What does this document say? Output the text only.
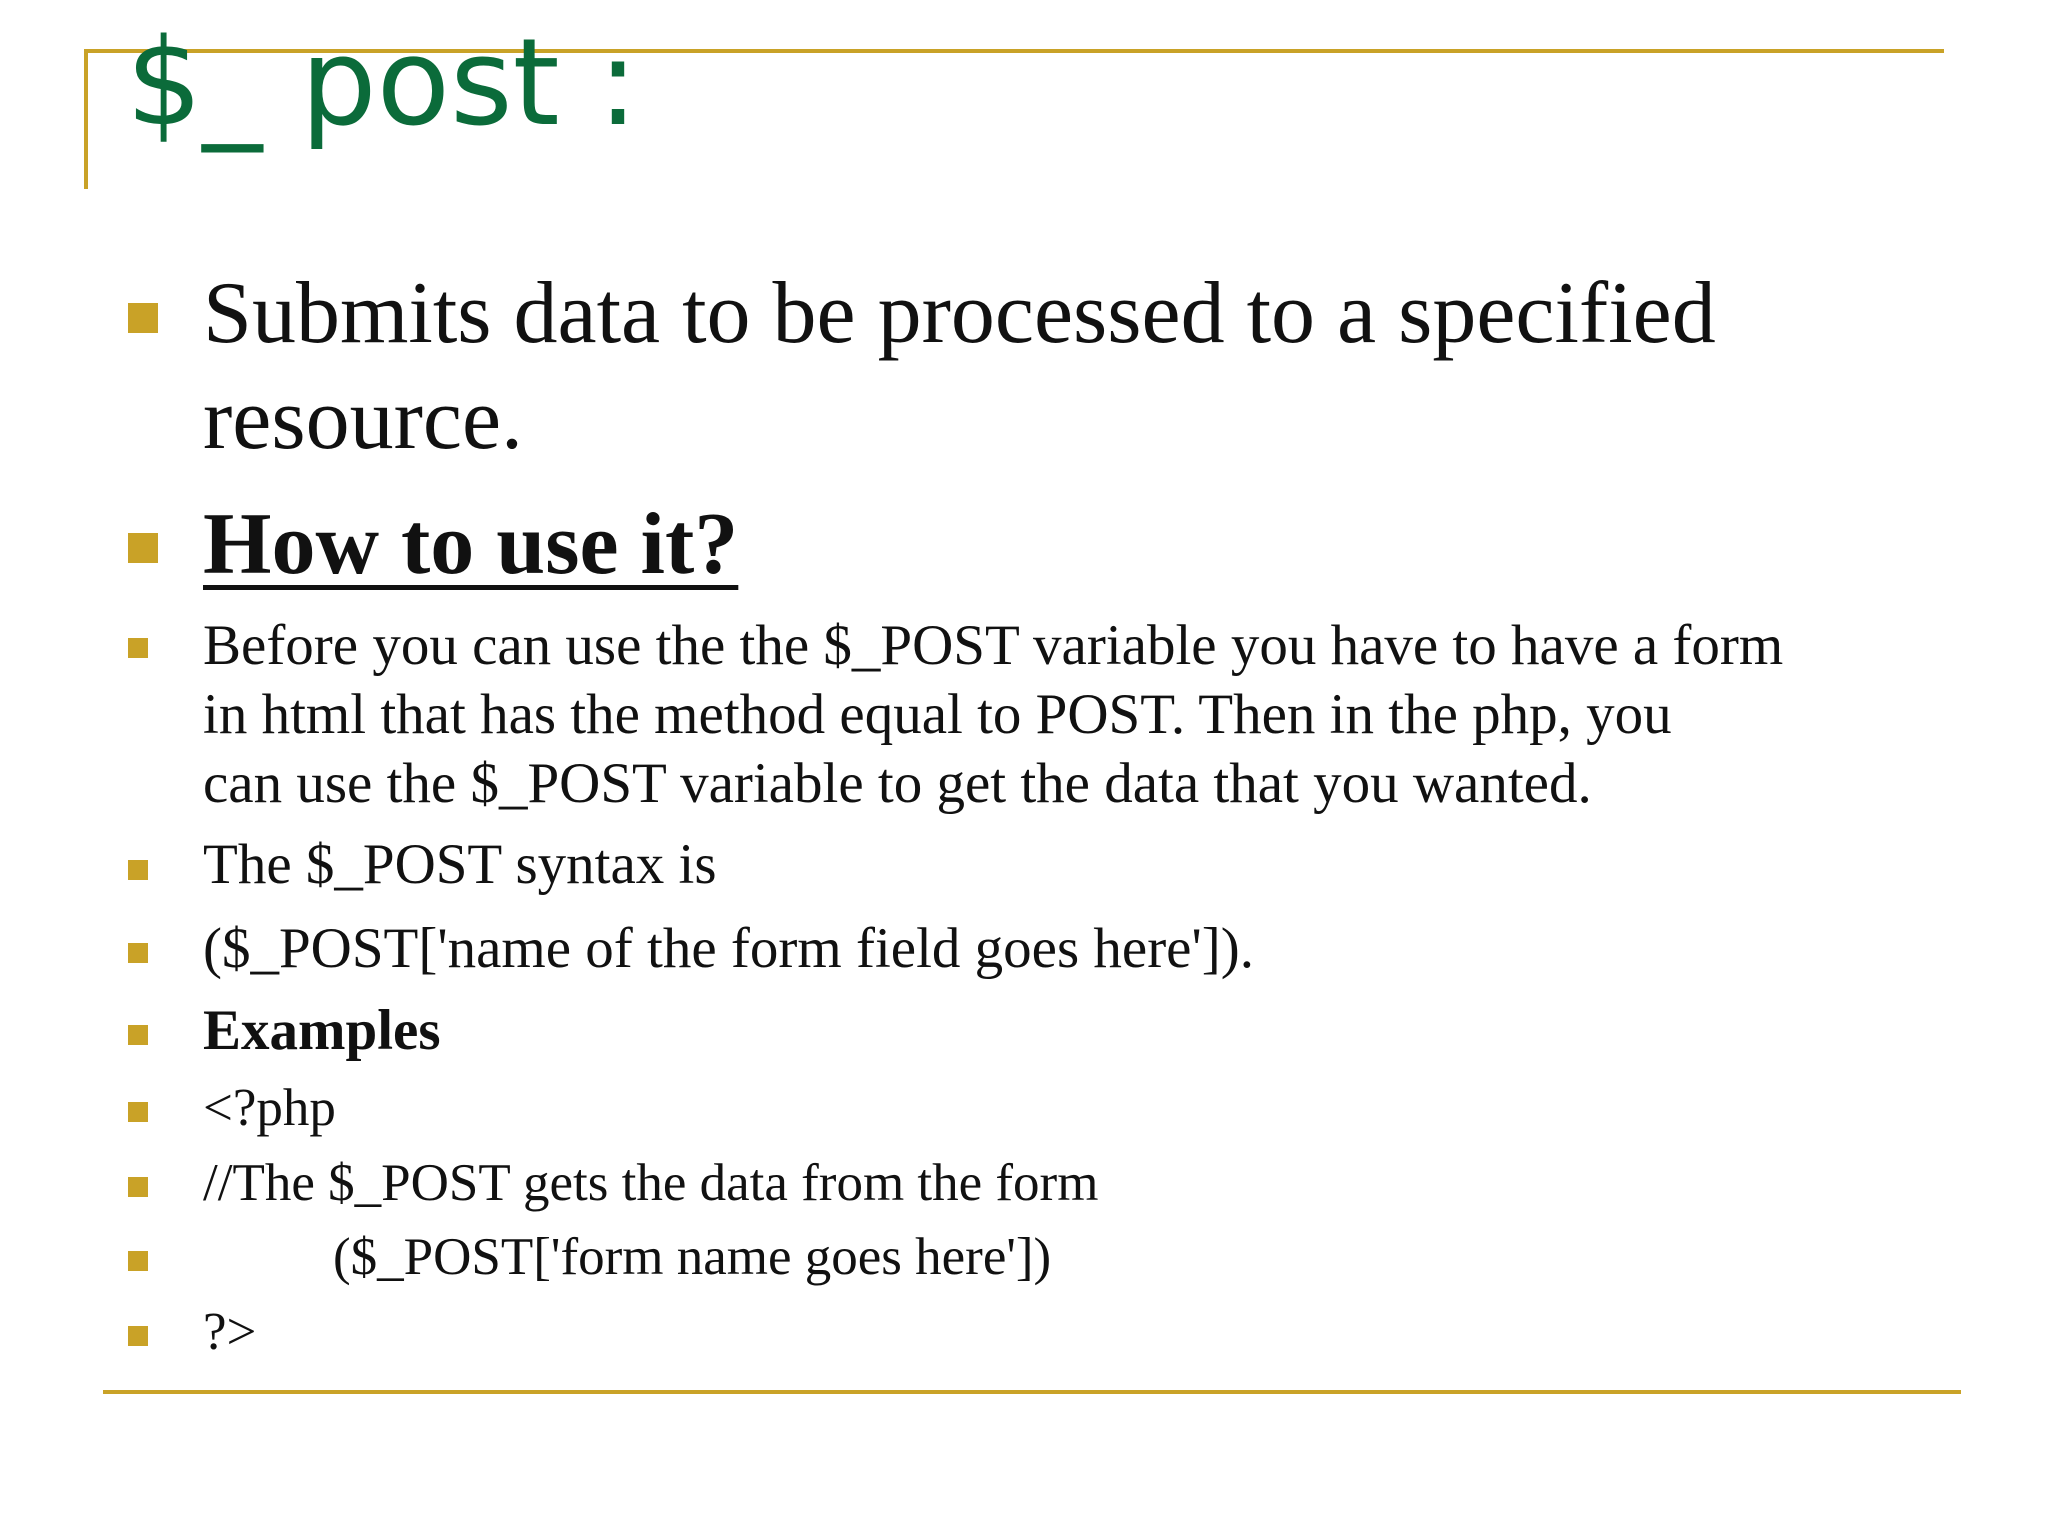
$_ post :
Submits data to be processed to a specified
resource.
How to use it?
Before you can use the the $_POST variable you have to have a form
in html that has the method equal to POST. Then in the php, you
can use the $_POST variable to get the data that you wanted.
The $_POST syntax is
($_POST['name of the form field goes here']).
Examples
<?php
//The $_POST gets the data from the form
($_POST['form name goes here'])
?>
